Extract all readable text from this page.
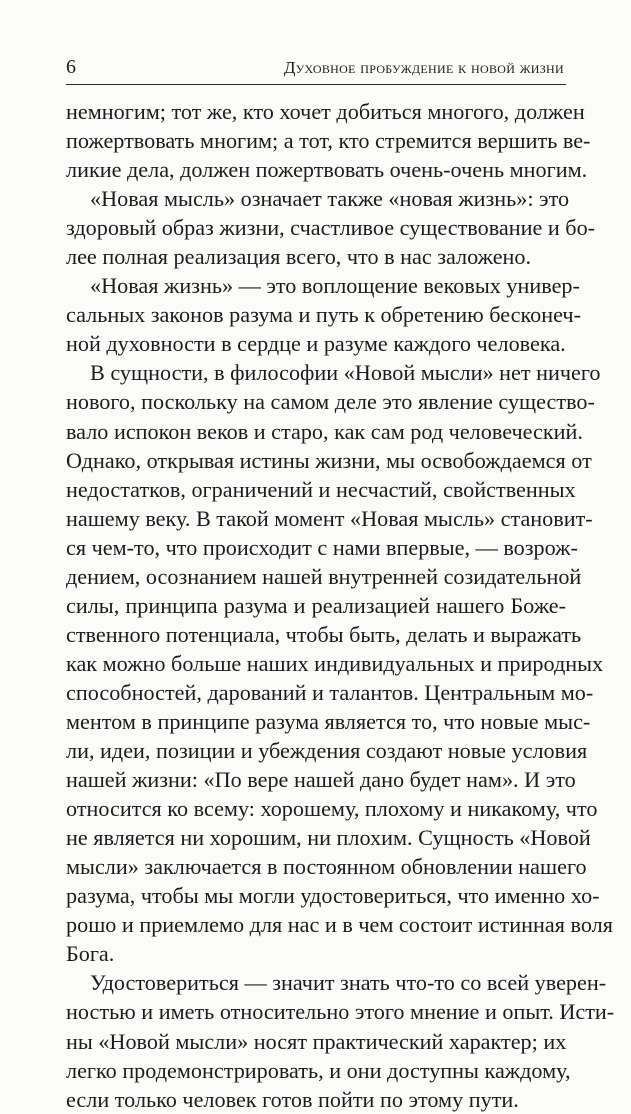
6	Духовное пробуждение к новой жизни
немногим; тот же, кто хочет добиться многого, должен
пожертвовать многим; а тот, кто стремится вершить ве-
ликие дела, должен пожертвовать очень-очень многим.
«Новая мысль» означает также «новая жизнь»: это
здоровый образ жизни, счастливое существование и бо-
лее полная реализация всего, что в нас заложено.
«Новая жизнь» — это воплощение вековых универ-
сальных законов разума и путь к обретению бесконеч-
ной духовности в сердце и разуме каждого человека.
В сущности, в философии «Новой мысли» нет ничего
нового, поскольку на самом деле это явление существо-
вало испокон веков и старо, как сам род человеческий.
Однако, открывая истины жизни, мы освобождаемся от
недостатков, ограничений и несчастий, свойственных
нашему веку. В такой момент «Новая мысль» становит-
ся чем-то, что происходит с нами впервые, — возрож-
дением, осознанием нашей внутренней созидательной
силы, принципа разума и реализацией нашего Боже-
ственного потенциала, чтобы быть, делать и выражать
как можно больше наших индивидуальных и природных
способностей, дарований и талантов. Центральным мо-
ментом в принципе разума является то, что новые мыс-
ли, идеи, позиции и убеждения создают новые условия
нашей жизни: «По вере нашей дано будет нам». И это
относится ко всему: хорошему, плохому и никакому, что
не является ни хорошим, ни плохим. Сущность «Новой
мысли» заключается в постоянном обновлении нашего
разума, чтобы мы могли удостовериться, что именно хо-
рошо и приемлемо для нас и в чем состоит истинная воля
Бога.
Удостовериться — значит знать что-то со всей уверен-
ностью и иметь относительно этого мнение и опыт. Исти-
ны «Новой мысли» носят практический характер; их
легко продемонстрировать, и они доступны каждому,
если только человек готов пойти по этому пути.
